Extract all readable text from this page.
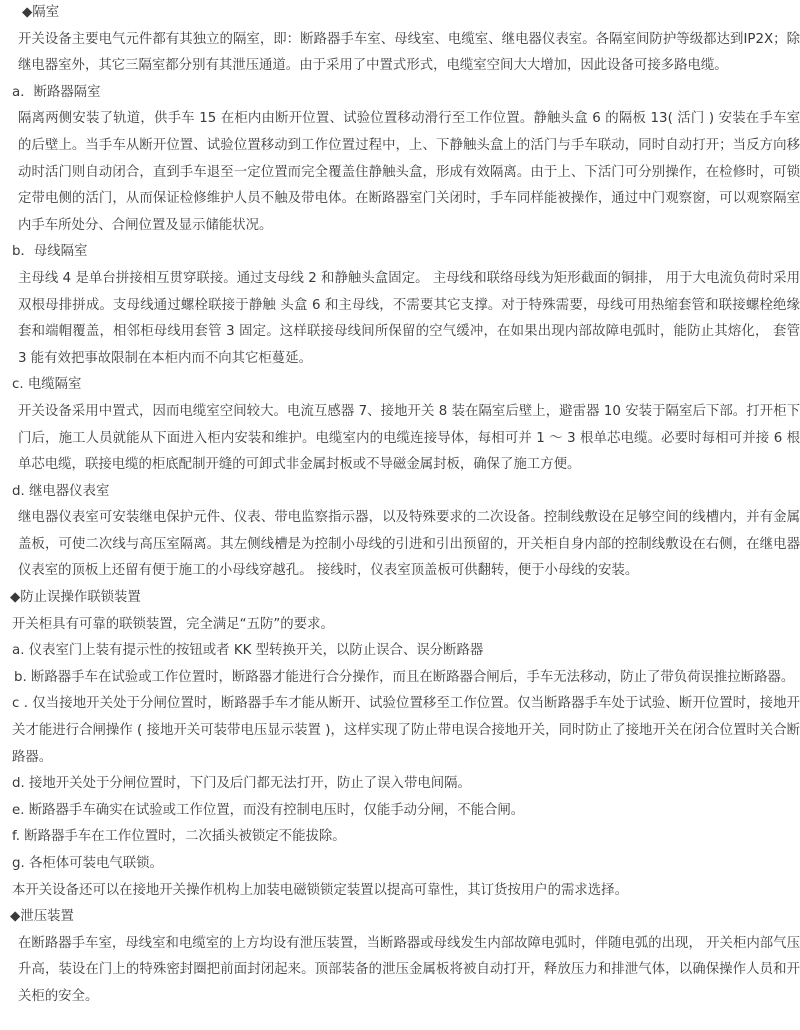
◆隔室

开关设备主要电气元件都有其独立的隔室，即：断路器手车室、母线室、电缆室、继电器仪表室。各隔室间防护等级都达到IP2X；除继电器室外，其它三隔室都分别有其泄压通道。由于采用了中置式形式，电缆室空间大大增加，因此设备可接多路电缆。

a．断路器隔室

隔离两侧安装了轨道，供手车 15 在柜内由断开位置、试验位置移动滑行至工作位置。静触头盒 6 的隔板 13( 活门 ) 安装在手车室的后壁上。当手车从断开位置、试验位置移动到工作位置过程中，上、下静触头盒上的活门与手车联动，同时自动打开；当反方向移动时活门则自动闭合，直到手车退至一定位置而完全覆盖住静触头盒，形成有效隔离。由于上、下活门可分别操作，在检修时，可锁定带电侧的活门，从而保证检修维护人员不触及带电体。在断路器室门关闭时，手车同样能被操作，通过中门观察窗，可以观察隔室内手车所处分、合闸位置及显示储能状况。

b．母线隔室

主母线 4 是单台拼接相互贯穿联接。通过支母线 2 和静触头盒固定。 主母线和联络母线为矩形截面的铜排， 用于大电流负荷时采用双根母排拼成。支母线通过螺栓联接于静触 头盒 6 和主母线，不需要其它支撑。对于特殊需要，母线可用热缩套管和联接螺栓绝缘套和端帽覆盖，相邻柜母线用套管 3 固定。这样联接母线间所保留的空气缓冲，在如果出现内部故障电弧时，能防止其熔化， 套管 3 能有效把事故限制在本柜内而不向其它柜蔓延。

c. 电缆隔室

开关设备采用中置式，因而电缆室空间较大。电流互感器 7、接地开关 8 装在隔室后壁上，避雷器 10 安装于隔室后下部。打开柜下门后，施工人员就能从下面进入柜内安装和维护。电缆室内的电缆连接导体，每相可并 1 ～ 3 根单芯电缆。必要时每相可并接 6 根单芯电缆，联接电缆的柜底配制开缝的可卸式非金属封板或不导磁金属封板，确保了施工方便。

d. 继电器仪表室

继电器仪表室可安装继电保护元件、仪表、带电监察指示器，以及特殊要求的二次设备。控制线敷设在足够空间的线槽内，并有金属盖板，可使二次线与高压室隔离。其左侧线槽是为控制小母线的引进和引出预留的，开关柜自身内部的控制线敷设在右侧，在继电器仪表室的顶板上还留有便于施工的小母线穿越孔。 接线时，仪表室顶盖板可供翻转，便于小母线的安装。

◆防止误操作联锁装置

开关柜具有可靠的联锁装置，完全满足“五防”的要求。

a. 仪表室门上装有提示性的按钮或者 KK 型转换开关，以防止误合、误分断路器

b. 断路器手车在试验或工作位置时，断路器才能进行合分操作，而且在断路器合闸后，手车无法移动，防止了带负荷误推拉断路器。

c . 仅当接地开关处于分闸位置时，断路器手车才能从断开、试验位置移至工作位置。仅当断路器手车处于试验、断开位置时，接地开关才能进行合闸操作 ( 接地开关可装带电压显示装置 )，这样实现了防止带电误合接地开关，同时防止了接地开关在闭合位置时关合断路器。

d. 接地开关处于分闸位置时，下门及后门都无法打开，防止了误入带电间隔。

e. 断路器手车确实在试验或工作位置，而没有控制电压时，仅能手动分闸，不能合闸。

f. 断路器手车在工作位置时，二次插头被锁定不能拔除。

g. 各柜体可装电气联锁。

本开关设备还可以在接地开关操作机构上加装电磁锁锁定装置以提高可靠性，其订货按用户的需求选择。

◆泄压装置

在断路器手车室，母线室和电缆室的上方均设有泄压装置，当断路器或母线发生内部故障电弧时，伴随电弧的出现， 开关柜内部气压升高，装设在门上的特殊密封圈把前面封闭起来。顶部装备的泄压金属板将被自动打开，释放压力和排泄气体，以确保操作人员和开关柜的安全。
